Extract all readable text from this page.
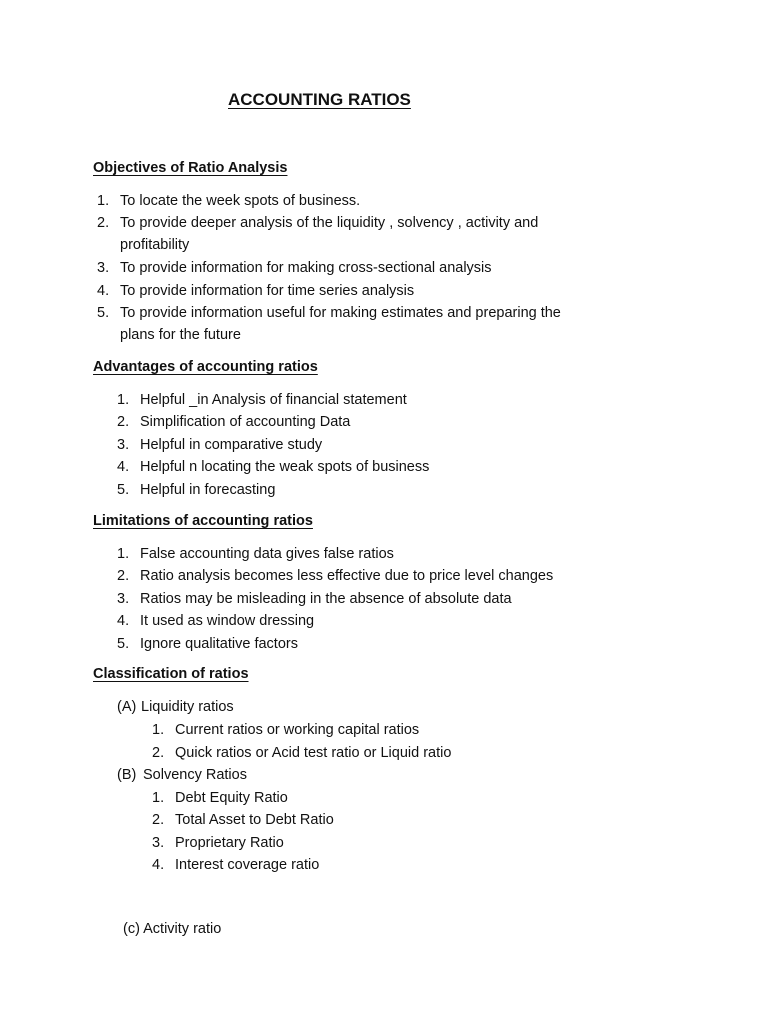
ACCOUNTING RATIOS
Objectives of Ratio Analysis
1. To locate the week spots of business.
2. To provide deeper analysis of the liquidity , solvency , activity and
profitability
3. To provide information for making cross-sectional analysis
4. To provide information for time series analysis
5. To provide information useful for making estimates and preparing the
plans for the future
Advantages of accounting ratios
1. Helpful _in Analysis of financial statement
2. Simplification of accounting Data
3. Helpful in comparative study
4. Helpful n locating the weak spots of business
5. Helpful in forecasting
Limitations of accounting ratios
1. False accounting data gives false ratios
2. Ratio analysis becomes less effective due to price level changes
3. Ratios may be misleading in the absence of absolute data
4. It used as window dressing
5. Ignore qualitative factors
Classification of ratios
(A) Liquidity ratios
1. Current ratios or working capital ratios
2. Quick ratios or Acid test ratio or Liquid ratio
(B) Solvency Ratios
1. Debt Equity Ratio
2. Total Asset to Debt Ratio
3. Proprietary Ratio
4. Interest coverage ratio
(c) Activity ratio
